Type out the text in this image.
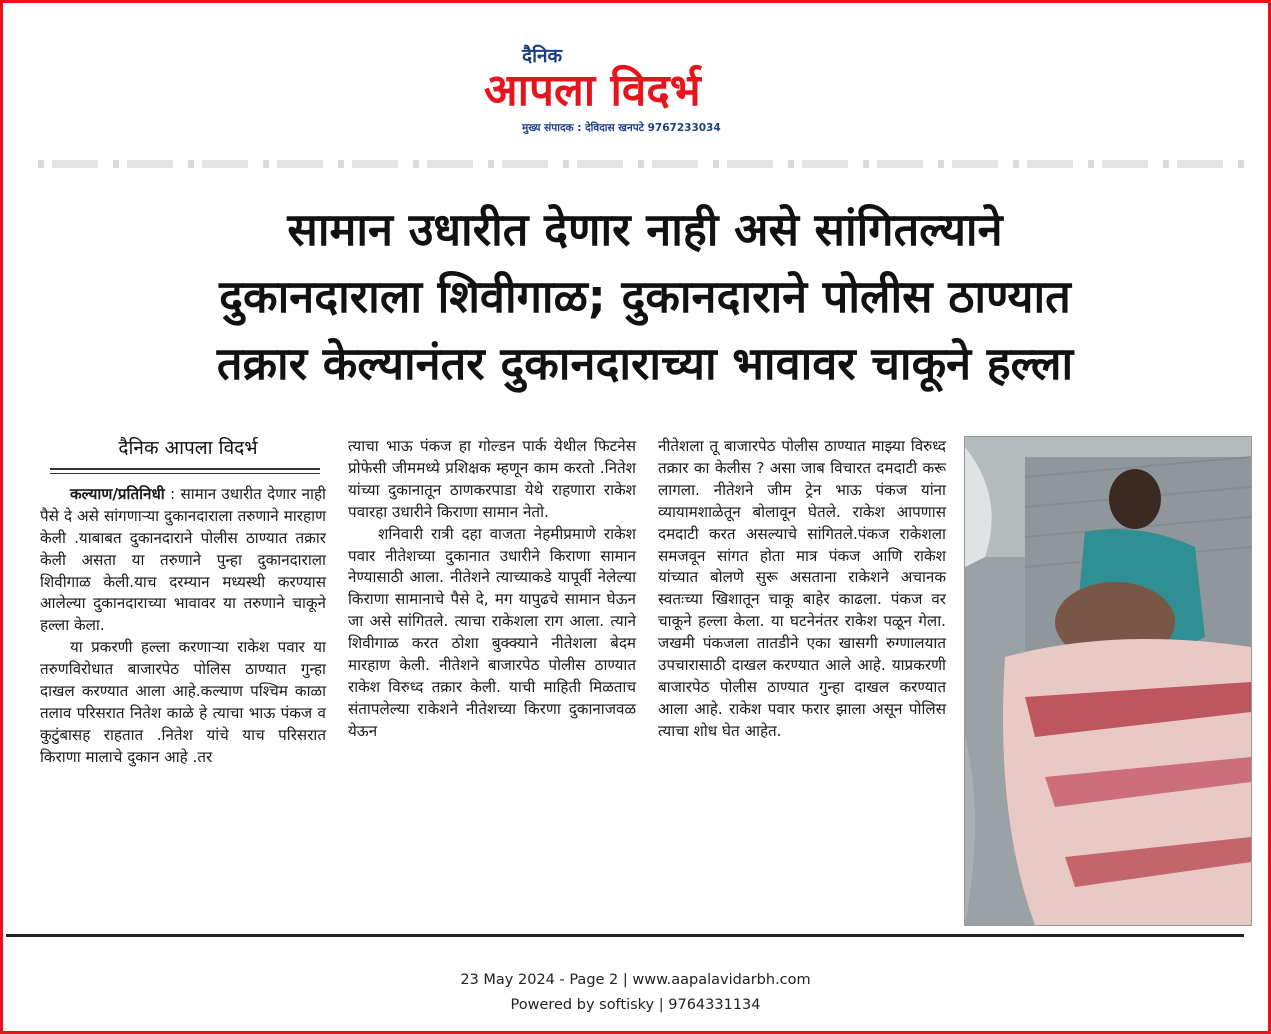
दैनिक
आपला विदर्भ
मुख्य संपादक : देविदास खनपटे 9767233034
सामान उधारीत देणार नाही असे सांगितल्याने
दुकानदाराला शिवीगाळ; दुकानदाराने पोलीस ठाण्यात
तक्रार केल्यानंतर दुकानदाराच्या भावावर चाकूने हल्ला
दैनिक आपला विदर्भ

कल्याण/प्रतिनिधी : सामान उधारीत देणार नाही पैसे दे असे सांगणाऱ्या दुकानदाराला तरुणाने मारहाण केली .याबाबत दुकानदाराने पोलीस ठाण्यात तक्रार केली असता या तरुणाने पुन्हा दुकानदाराला शिवीगाळ केली.याच दरम्यान मध्यस्थी करण्यास आलेल्या दुकानदाराच्या भावावर या तरुणाने चाकूने हल्ला केला.

या प्रकरणी हल्ला करणाऱ्या राकेश पवार या तरुणविरोधात बाजारपेठ पोलिस ठाण्यात गुन्हा दाखल करण्यात आला आहे.कल्याण पश्चिम काळा तलाव परिसरात नितेश काळे हे त्याचा भाऊ पंकज व कुटुंबासह राहतात .नितेश यांचे याच परिसरात किराणा मालाचे दुकान आहे .तर

त्याचा भाऊ पंकज हा गोल्डन पार्क येथील फिटनेस प्रोफेसी जीममध्ये प्रशिक्षक म्हणून काम करतो .नितेश यांच्या दुकानातून ठाणकरपाडा येथे राहणारा राकेश पवारहा उधारीने किराणा सामान नेतो.

शनिवारी रात्री दहा वाजता नेहमीप्रमाणे राकेश पवार नीतेशच्या दुकानात उधारीने किराणा सामान नेण्यासाठी आला. नीतेशने त्याच्याकडे यापूर्वी नेलेल्या किराणा सामानाचे पैसे दे, मग यापुढचे सामान घेऊन जा असे सांगितले. त्याचा राकेशला राग आला. त्याने शिवीगाळ करत ठोशा बुक्क्याने नीतेशला बेदम मारहाण केली. नीतेशने बाजारपेठ पोलीस ठाण्यात राकेश विरुध्द तक्रार केली. याची माहिती मिळताच संतापलेल्या राकेशने नीतेशच्या किरणा दुकानाजवळ येऊन

नीतेशला तू बाजारपेठ पोलीस ठाण्यात माझ्या विरुध्द तक्रार का केलीस ? असा जाब विचारत दमदाटी करू लागला. नीतेशने जीम ट्रेन भाऊ पंकज यांना व्यायामशाळेतून बोलावून घेतले. राकेश आपणास दमदाटी करत असल्याचे सांगितले.पंकज राकेशला समजवून सांगत होता मात्र पंकज आणि राकेश यांच्यात बोलणे सुरू असताना राकेशने अचानक स्वतःच्या खिशातून चाकू बाहेर काढला. पंकज वर चाकूने हल्ला केला. या घटनेनंतर राकेश पळून गेला. जखमी पंकजला तातडीने एका खासगी रुग्णालयात उपचारासाठी दाखल करण्यात आले आहे. याप्रकरणी बाजारपेठ पोलीस ठाण्यात गुन्हा दाखल करण्यात आला आहे. राकेश पवार फरार झाला असून पोलिस त्याचा शोध घेत आहेत.

23 May 2024 - Page 2 | www.aapalavidarbh.com
Powered by softisky | 9764331134
